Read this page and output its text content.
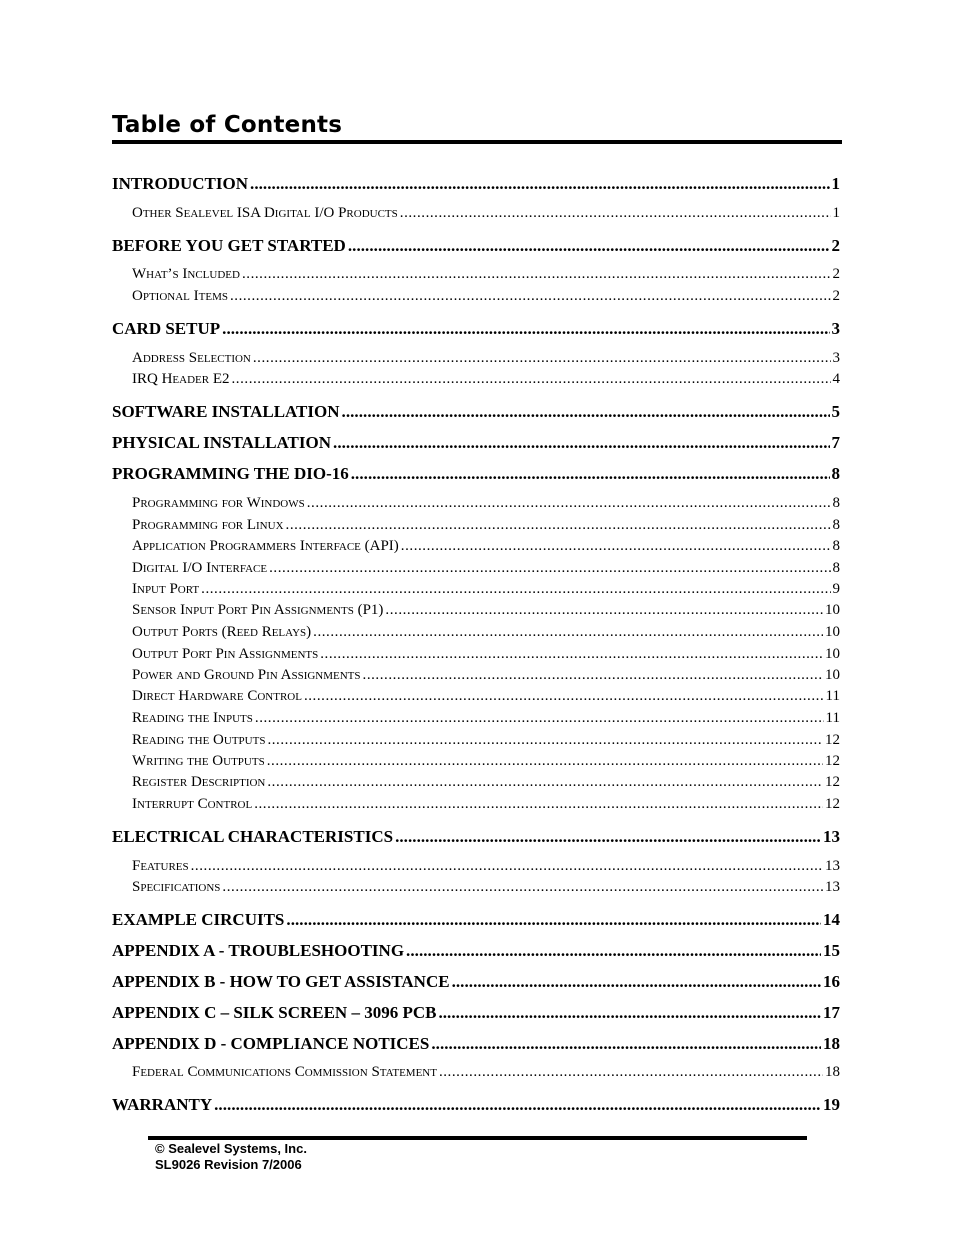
Table of Contents
INTRODUCTION . . .	1
Other Sealevel ISA Digital I/O Products . . .	1
BEFORE YOU GET STARTED . . .	2
What’s Included . . .	2
Optional Items . . .	2
CARD SETUP . . .	3
Address Selection . . .	3
IRQ Header E2 . . .	4
SOFTWARE INSTALLATION . . .	5
PHYSICAL INSTALLATION . . .	7
PROGRAMMING THE DIO-16 . . .	8
Programming for Windows . . .	8
Programming for Linux . . .	8
Application Programmers Interface (API) . . .	8
Digital I/O Interface . . .	8
Input Port . . .	9
Sensor Input Port Pin Assignments (P1) . . .	10
Output Ports (Reed Relays) . . .	10
Output Port Pin Assignments . . .	10
Power and Ground Pin Assignments . . .	10
Direct Hardware Control . . .	11
Reading the Inputs . . .	11
Reading the Outputs . . .	12
Writing the Outputs . . .	12
Register Description . . .	12
Interrupt Control . . .	12
ELECTRICAL CHARACTERISTICS . . .	13
Features . . .	13
Specifications . . .	13
EXAMPLE CIRCUITS . . .	14
APPENDIX A - TROUBLESHOOTING . . .	15
APPENDIX B - HOW TO GET ASSISTANCE . . .	16
APPENDIX C – SILK SCREEN – 3096 PCB . . .	17
APPENDIX D - COMPLIANCE NOTICES . . .	18
Federal Communications Commission Statement . . .	18
WARRANTY . . .	19
© Sealevel Systems, Inc.
SL9026 Revision 7/2006
